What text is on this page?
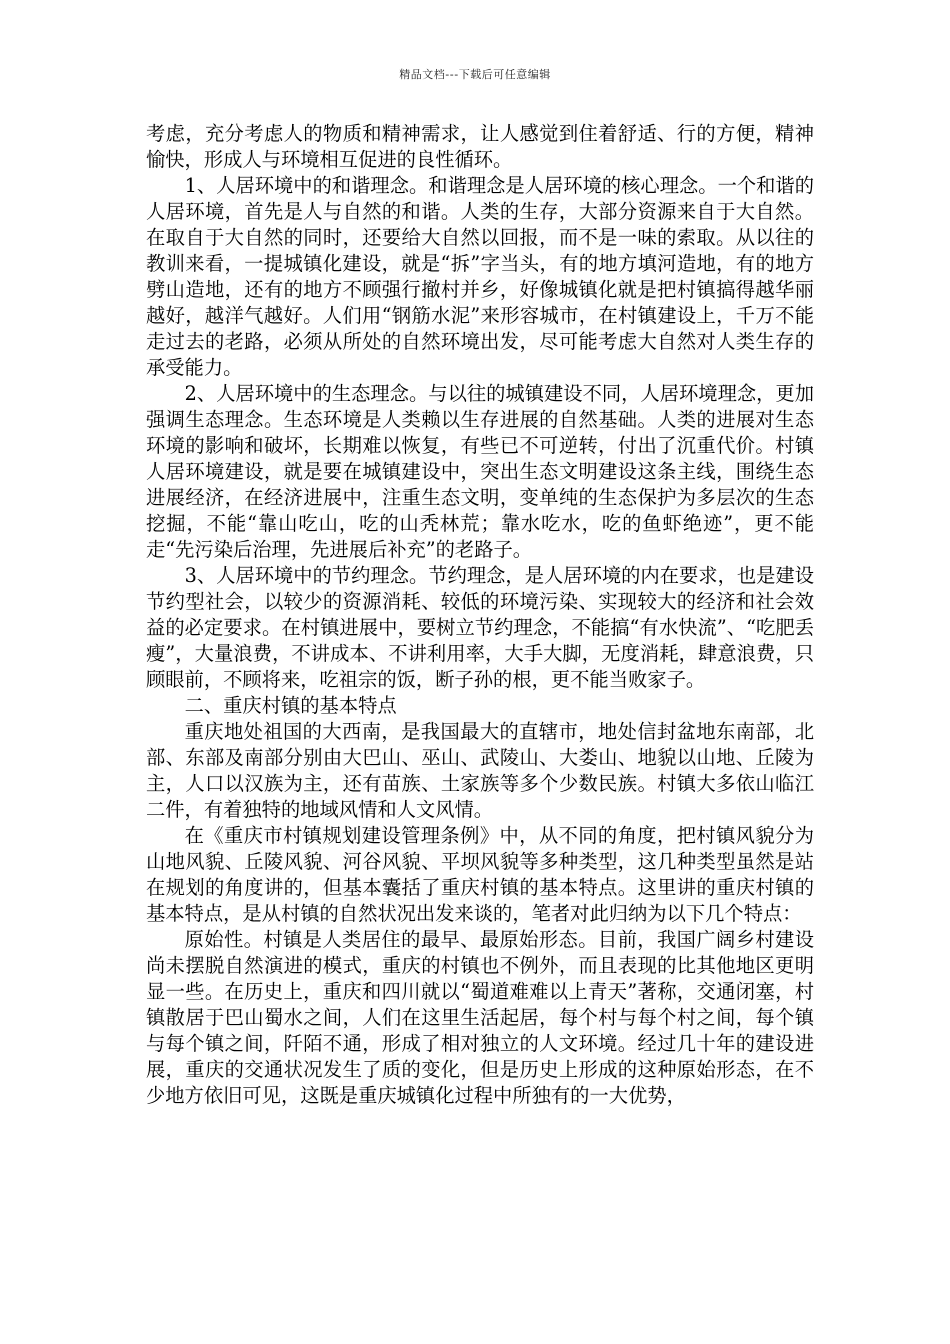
精品文档---下载后可任意编辑

考虑，充分考虑人的物质和精神需求，让人感觉到住着舒适、行的方便，精神愉快，形成人与环境相互促进的良性循环。

1、人居环境中的和谐理念。和谐理念是人居环境的核心理念。一个和谐的人居环境，首先是人与自然的和谐。人类的生存，大部分资源来自于大自然。在取自于大自然的同时，还要给大自然以回报，而不是一味的索取。从以往的教训来看，一提城镇化建设，就是“拆”字当头，有的地方填河造地，有的地方劈山造地，还有的地方不顾强行撤村并乡，好像城镇化就是把村镇搞得越华丽越好，越洋气越好。人们用“钢筋水泥”来形容城市，在村镇建设上，千万不能走过去的老路，必须从所处的自然环境出发，尽可能考虑大自然对人类生存的承受能力。

2、人居环境中的生态理念。与以往的城镇建设不同，人居环境理念，更加强调生态理念。生态环境是人类赖以生存进展的自然基础。人类的进展对生态环境的影响和破坏，长期难以恢复，有些已不可逆转，付出了沉重代价。村镇人居环境建设，就是要在城镇建设中，突出生态文明建设这条主线，围绕生态进展经济，在经济进展中，注重生态文明，变单纯的生态保护为多层次的生态挖掘，不能“靠山吃山，吃的山秃林荒；靠水吃水，吃的鱼虾绝迹”，更不能走“先污染后治理，先进展后补充”的老路子。

3、人居环境中的节约理念。节约理念，是人居环境的内在要求，也是建设节约型社会，以较少的资源消耗、较低的环境污染、实现较大的经济和社会效益的必定要求。在村镇进展中，要树立节约理念，不能搞“有水快流”、“吃肥丢瘦”，大量浪费，不讲成本、不讲利用率，大手大脚，无度消耗，肆意浪费，只顾眼前，不顾将来，吃祖宗的饭，断子孙的根，更不能当败家子。

二、重庆村镇的基本特点

重庆地处祖国的大西南，是我国最大的直辖市，地处信封盆地东南部，北部、东部及南部分别由大巴山、巫山、武陵山、大娄山、地貌以山地、丘陵为主，人口以汉族为主，还有苗族、土家族等多个少数民族。村镇大多依山临江二件，有着独特的地域风情和人文风情。

在《重庆市村镇规划建设管理条例》中，从不同的角度，把村镇风貌分为山地风貌、丘陵风貌、河谷风貌、平坝风貌等多种类型，这几种类型虽然是站在规划的角度讲的，但基本囊括了重庆村镇的基本特点。这里讲的重庆村镇的基本特点，是从村镇的自然状况出发来谈的，笔者对此归纳为以下几个特点：

原始性。村镇是人类居住的最早、最原始形态。目前，我国广阔乡村建设尚未摆脱自然演进的模式，重庆的村镇也不例外，而且表现的比其他地区更明显一些。在历史上，重庆和四川就以“蜀道难难以上青天”著称，交通闭塞，村镇散居于巴山蜀水之间，人们在这里生活起居，每个村与每个村之间，每个镇与每个镇之间，阡陌不通，形成了相对独立的人文环境。经过几十年的建设进展，重庆的交通状况发生了质的变化，但是历史上形成的这种原始形态，在不少地方依旧可见，这既是重庆城镇化过程中所独有的一大优势，
